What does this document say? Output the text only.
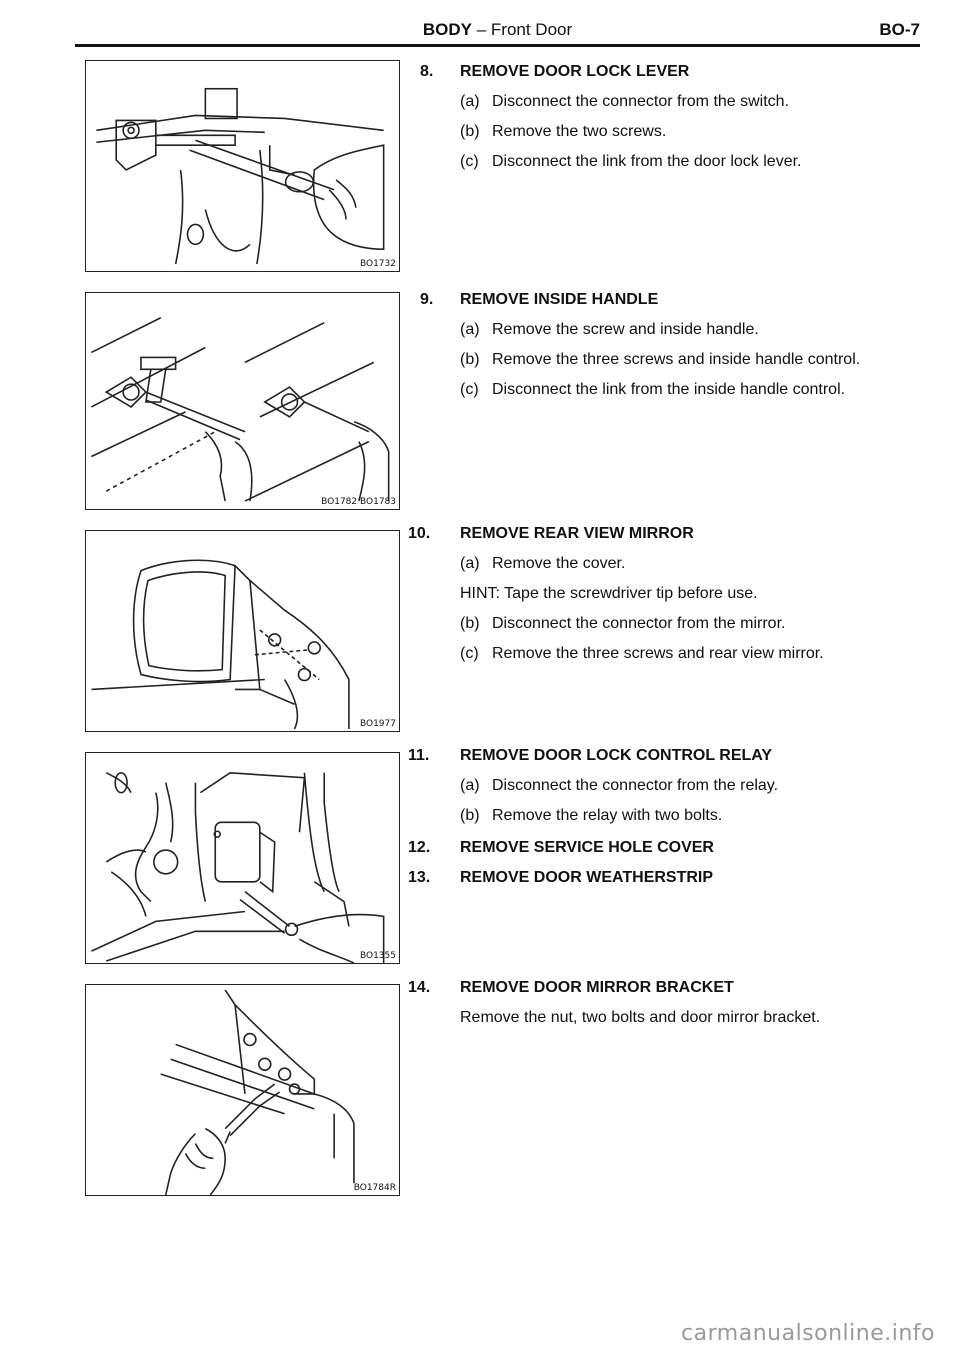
BODY – Front Door	BO-7
BO1732
BO1782 BO1783
BO1977
BO1355
BO1784R
8. REMOVE DOOR LOCK LEVER
(a) Disconnect the connector from the switch.
(b) Remove the two screws.
(c) Disconnect the link from the door lock lever.
9. REMOVE INSIDE HANDLE
(a) Remove the screw and inside handle.
(b) Remove the three screws and inside handle control.
(c) Disconnect the link from the inside handle control.
10. REMOVE REAR VIEW MIRROR
(a) Remove the cover.
HINT: Tape the screwdriver tip before use.
(b) Disconnect the connector from the mirror.
(c) Remove the three screws and rear view mirror.
11. REMOVE DOOR LOCK CONTROL RELAY
(a) Disconnect the connector from the relay.
(b) Remove the relay with two bolts.
12. REMOVE SERVICE HOLE COVER
13. REMOVE DOOR WEATHERSTRIP
14. REMOVE DOOR MIRROR BRACKET
Remove the nut, two bolts and door mirror bracket.
carmanualsonline.info
